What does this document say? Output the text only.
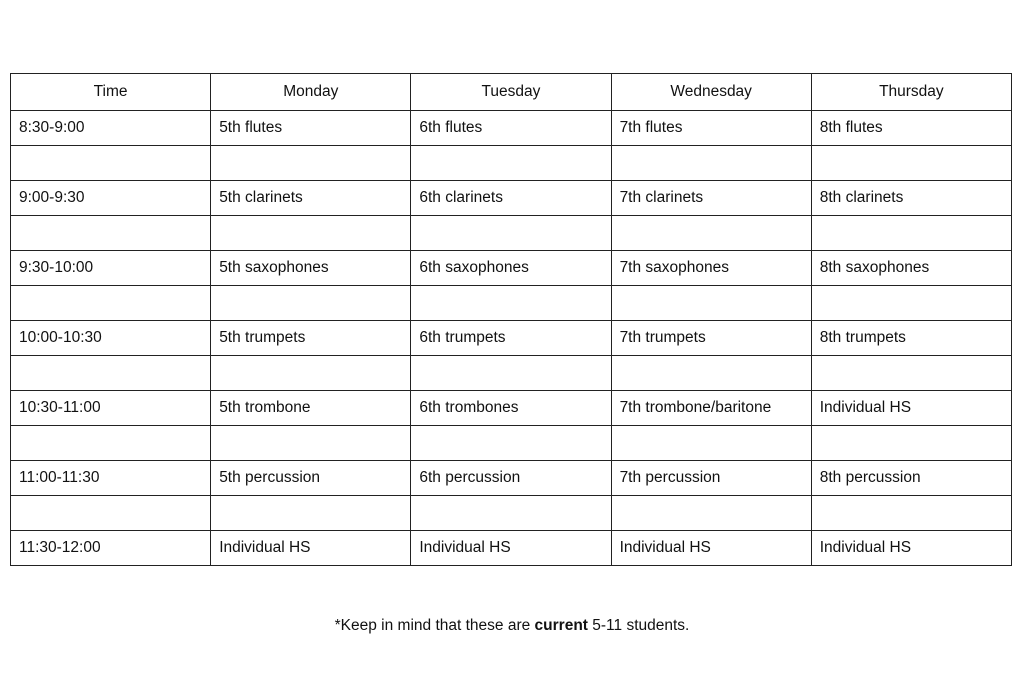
Time	Monday	Tuesday	Wednesday	Thursday
8:30-9:00	5th flutes	6th flutes	7th flutes	8th flutes

9:00-9:30	5th clarinets	6th clarinets	7th clarinets	8th clarinets

9:30-10:00	5th saxophones	6th saxophones	7th saxophones	8th saxophones

10:00-10:30	5th trumpets	6th trumpets	7th trumpets	8th trumpets

10:30-11:00	5th trombone	6th trombones	7th trombone/baritone	Individual HS

11:00-11:30	5th percussion	6th percussion	7th percussion	8th percussion

11:30-12:00	Individual HS	Individual HS	Individual HS	Individual HS
*Keep in mind that these are current 5-11 students.
